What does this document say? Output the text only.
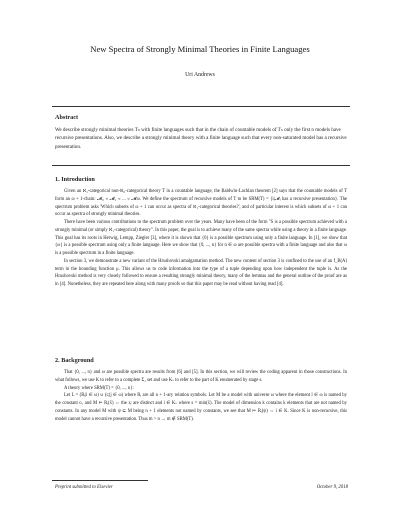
New Spectra of Strongly Minimal Theories in Finite Languages
Uri Andrews
Abstract
We describe strongly minimal theories Tₙ with finite languages such that in the chain of countable models of Tₙ only the first n models have recursive presentations. Also, we describe a strongly minimal theory with a finite language such that every non-saturated model has a recursive presentation.
1. Introduction

Given an ℵ₁-categorical non-ℵ₀-categorical theory T in a countable language, the Baldwin-Lachlan theorem [2] says that the countable models of T form an ω + 1-chain: 𝓜₀ ≺ 𝓜₁ ≺ ... ≺ 𝓜ω. We define the spectrum of recursive models of T to be SRM(T) = {i|𝓜ᵢ has a recursive presentation}. The spectrum problem asks 'Which subsets of ω + 1 can occur as spectra of ℵ₁-categorical theories?', and of particular interest is which subsets of ω + 1 can occur as spectra of strongly minimal theories.

There have been various contributions to the spectrum problem over the years. Many have been of the form "S is a possible spectrum achieved with a strongly minimal (or simply ℵ₁-categorical) theory". In this paper, the goal is to achieve many of the same spectra while using a theory in a finite language. This goal has its roots in Herwig, Lempp, Ziegler [3], where it is shown that {0} is a possible spectrum using only a finite language. In [1], we show that {ω} is a possible spectrum using only a finite language. Here we show that {0, ..., n} for n ∈ ω are possible spectra with a finite language and also that ω is a possible spectrum in a finite language.

In section 3, we demonstrate a new variant of the Hrushovski amalgamation method. The new content of section 3 is confined to the use of an f_B(A) term in the bounding function μ. This allows us to code information into the type of a tuple depending upon how independent the tuple is. As the Hrushovski method is very closely followed to ensure a resulting strongly minimal theory, many of the lemmas and the general outline of the proof are as in [4]. Nonetheless, they are repeated here along with many proofs so that this paper may be read without having read [4].

2. Background

That {0, ..., n} and ω are possible spectra are results from [6] and [5]. In this section, we will review the coding apparent in those constructions. In what follows, we use K to refer to a complete Σ₁ set and use Kₛ to refer to the part of K enumerated by stage s.

A theory where SRM(T) = {0, ..., n}:

Let L = (Rᵢ|i ∈ ω) ∪ (cⱼ|j ∈ ω) where Rᵢ are all n + 1-ary relation symbols. Let M be a model with universe ω where the element l ∈ ω is named by the constant cₗ, and M ⊨ Rᵢ(x̄) ⇔ the xⱼ are distinct and i ∈ Kₛ where s = min(x̄). The model of dimension k contains k elements that are not named by constants. In any model M with ψ ⊆ M being n + 1 elements not named by constants, we see that M ⊨ Rᵢ(ψ) ⇔ i ∈ K. Since K is non-recursive, this model cannot have a recursive presentation. Thus m > n → m ∉ SRM(T).

Preprint submitted to Elsevier	October 9, 2018
